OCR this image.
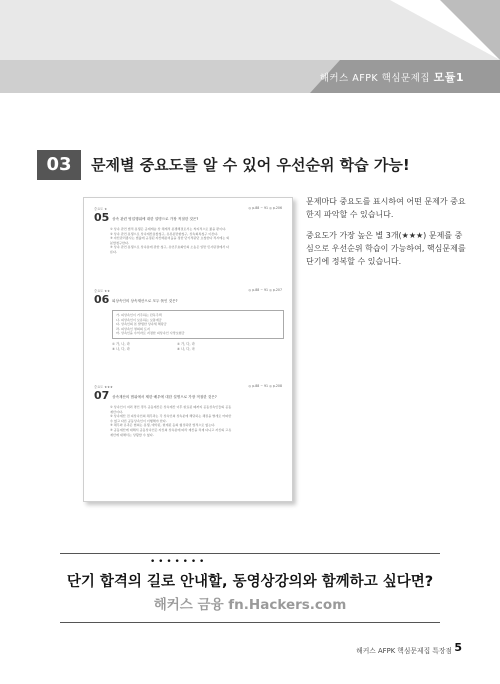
해커스 AFPK 핵심문제집 모듈1
03	문제별 중요도를 알 수 있어 우선순위 학습 가능!
중요도 ★	◎ p.88 ~ 91 ◎ p.206
05 상속 관련 영업행위에 대한 설명으로 가장 적절한 것은?
① 상속 관련 법적 분쟁은 공제계층 상 체계적 분쟁해결로서는 착지적으로 짧을 뿐이다.
② 상속 관련 분쟁으로 상속재산분할청구, 유류분반환청구, 상속회복청구 이른다.
③ 자산관리종사는 법률에 규정된 자산배분비율을 정한 단기적판단 요청한다 적시에는 외
분할청구한다.
④ 상속 관련 분쟁으로 상속분에 관한 청구, 유언무효확인의 소송은 일반 민사판결에서 다
룬다.
중요도 ★★	◎ p.88 ~ 91 ◎ p.207
06 피상속인의 상속재산으로 모두 묶인 것은?
가. 피상속인이 거주하는 단독주택
나. 피상속인이 보유하는 보통예금
다. 상속인의 본 발생한 상속세 해당금
라. 피상속인 명의의 토지
마. 상속인을 수익자로 지정한 피상속인 사망보험금
① 가, 나, 라	② 가, 다, 라
③ 나, 다, 라	④ 나, 다, 마
중요도 ★★★	◎ p.88 ~ 91 ◎ p.208
07 상속재산의 범위에서 제한·배우에 대한 설명으로 가장 적절한 것은?
① 상속인이 여러 명인 경우 공동재산은 상속재산 이후 완료된 때까지 공동상속인들의 공동
재산이다.
② 상속재산 전 피상속인의 채무라는 각 상속인의 상속분에 해당하는 채권을 별개로 어떠한
수 없고 다른 공동상속인이 이행해야 한다.
③ 채무와 유족은 협의는 분쟁, 예약된, 현재된 등의 형성되면 법적으로 없는다.
④ 공동재산에 대해서 공동상속인은 자신의 상속분에 따라 재산을 처재 다니고 자신의 고유
재산에 대해서는 상황할 수 없다.
문제마다 중요도를 표시하여 어떤 문제가 중요한지 파악할 수 있습니다.
중요도가 가장 높은 별 3개(★★★) 문제를 중심으로 우선순위 학습이 가능하여, 핵심문제를 단기에 정복할 수 있습니다.
• • • • • • •
단기 합격의 길로 안내할, 동영상강의와 함께하고 싶다면?
해커스 금융 fn.Hackers.com
해커스 AFPK 핵심문제집 특장점 5
